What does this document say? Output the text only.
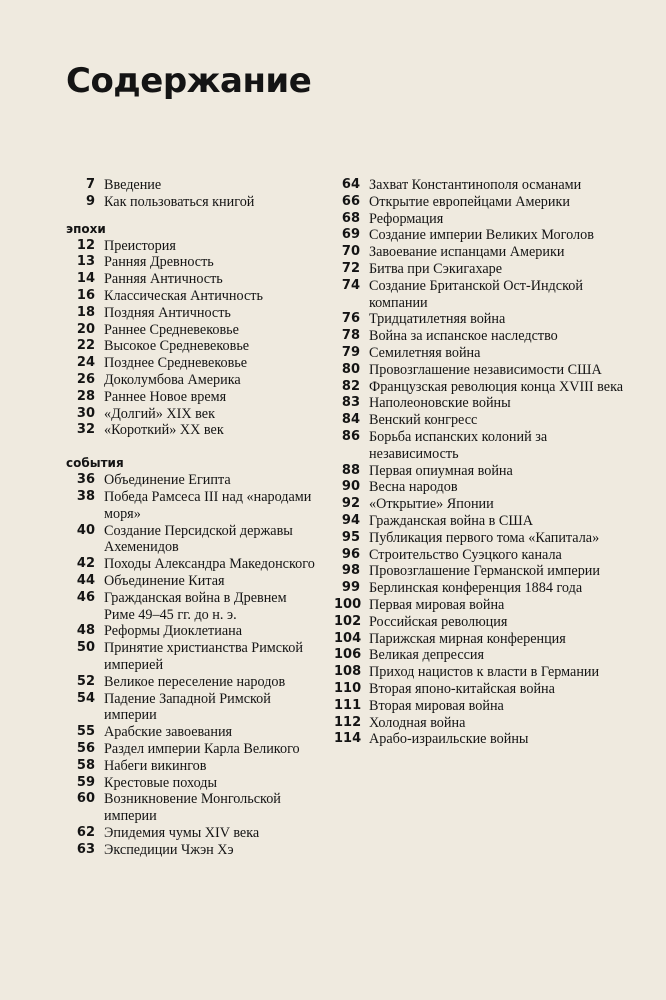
Содержание
7 Введение
9 Как пользоваться книгой
эпохи
12 Преистория
13 Ранняя Древность
14 Ранняя Античность
16 Классическая Античность
18 Поздняя Античность
20 Раннее Средневековье
22 Высокое Средневековье
24 Позднее Средневековье
26 Доколумбова Америка
28 Раннее Новое время
30 «Долгий» XIX век
32 «Короткий» XX век
события
36 Объединение Египта
38 Победа Рамсеса III над «народами моря»
40 Создание Персидской державы Ахеменидов
42 Походы Александра Македонского
44 Объединение Китая
46 Гражданская война в Древнем Риме 49–45 гг. до н. э.
48 Реформы Диоклетиана
50 Принятие христианства Римской империей
52 Великое переселение народов
54 Падение Западной Римской империи
55 Арабские завоевания
56 Раздел империи Карла Великого
58 Набеги викингов
59 Крестовые походы
60 Возникновение Монгольской империи
62 Эпидемия чумы XIV века
63 Экспедиции Чжэн Хэ
64 Захват Константинополя османами
66 Открытие европейцами Америки
68 Реформация
69 Создание империи Великих Моголов
70 Завоевание испанцами Америки
72 Битва при Сэкигахаре
74 Создание Британской Ост-Индской компании
76 Тридцатилетняя война
78 Война за испанское наследство
79 Семилетняя война
80 Провозглашение независимости США
82 Французская революция конца XVIII века
83 Наполеоновские войны
84 Венский конгресс
86 Борьба испанских колоний за независимость
88 Первая опиумная война
90 Весна народов
92 «Открытие» Японии
94 Гражданская война в США
95 Публикация первого тома «Капитала»
96 Строительство Суэцкого канала
98 Провозглашение Германской империи
99 Берлинская конференция 1884 года
100 Первая мировая война
102 Российская революция
104 Парижская мирная конференция
106 Великая депрессия
108 Приход нацистов к власти в Германии
110 Вторая японо-китайская война
111 Вторая мировая война
112 Холодная война
114 Арабо-израильские войны
